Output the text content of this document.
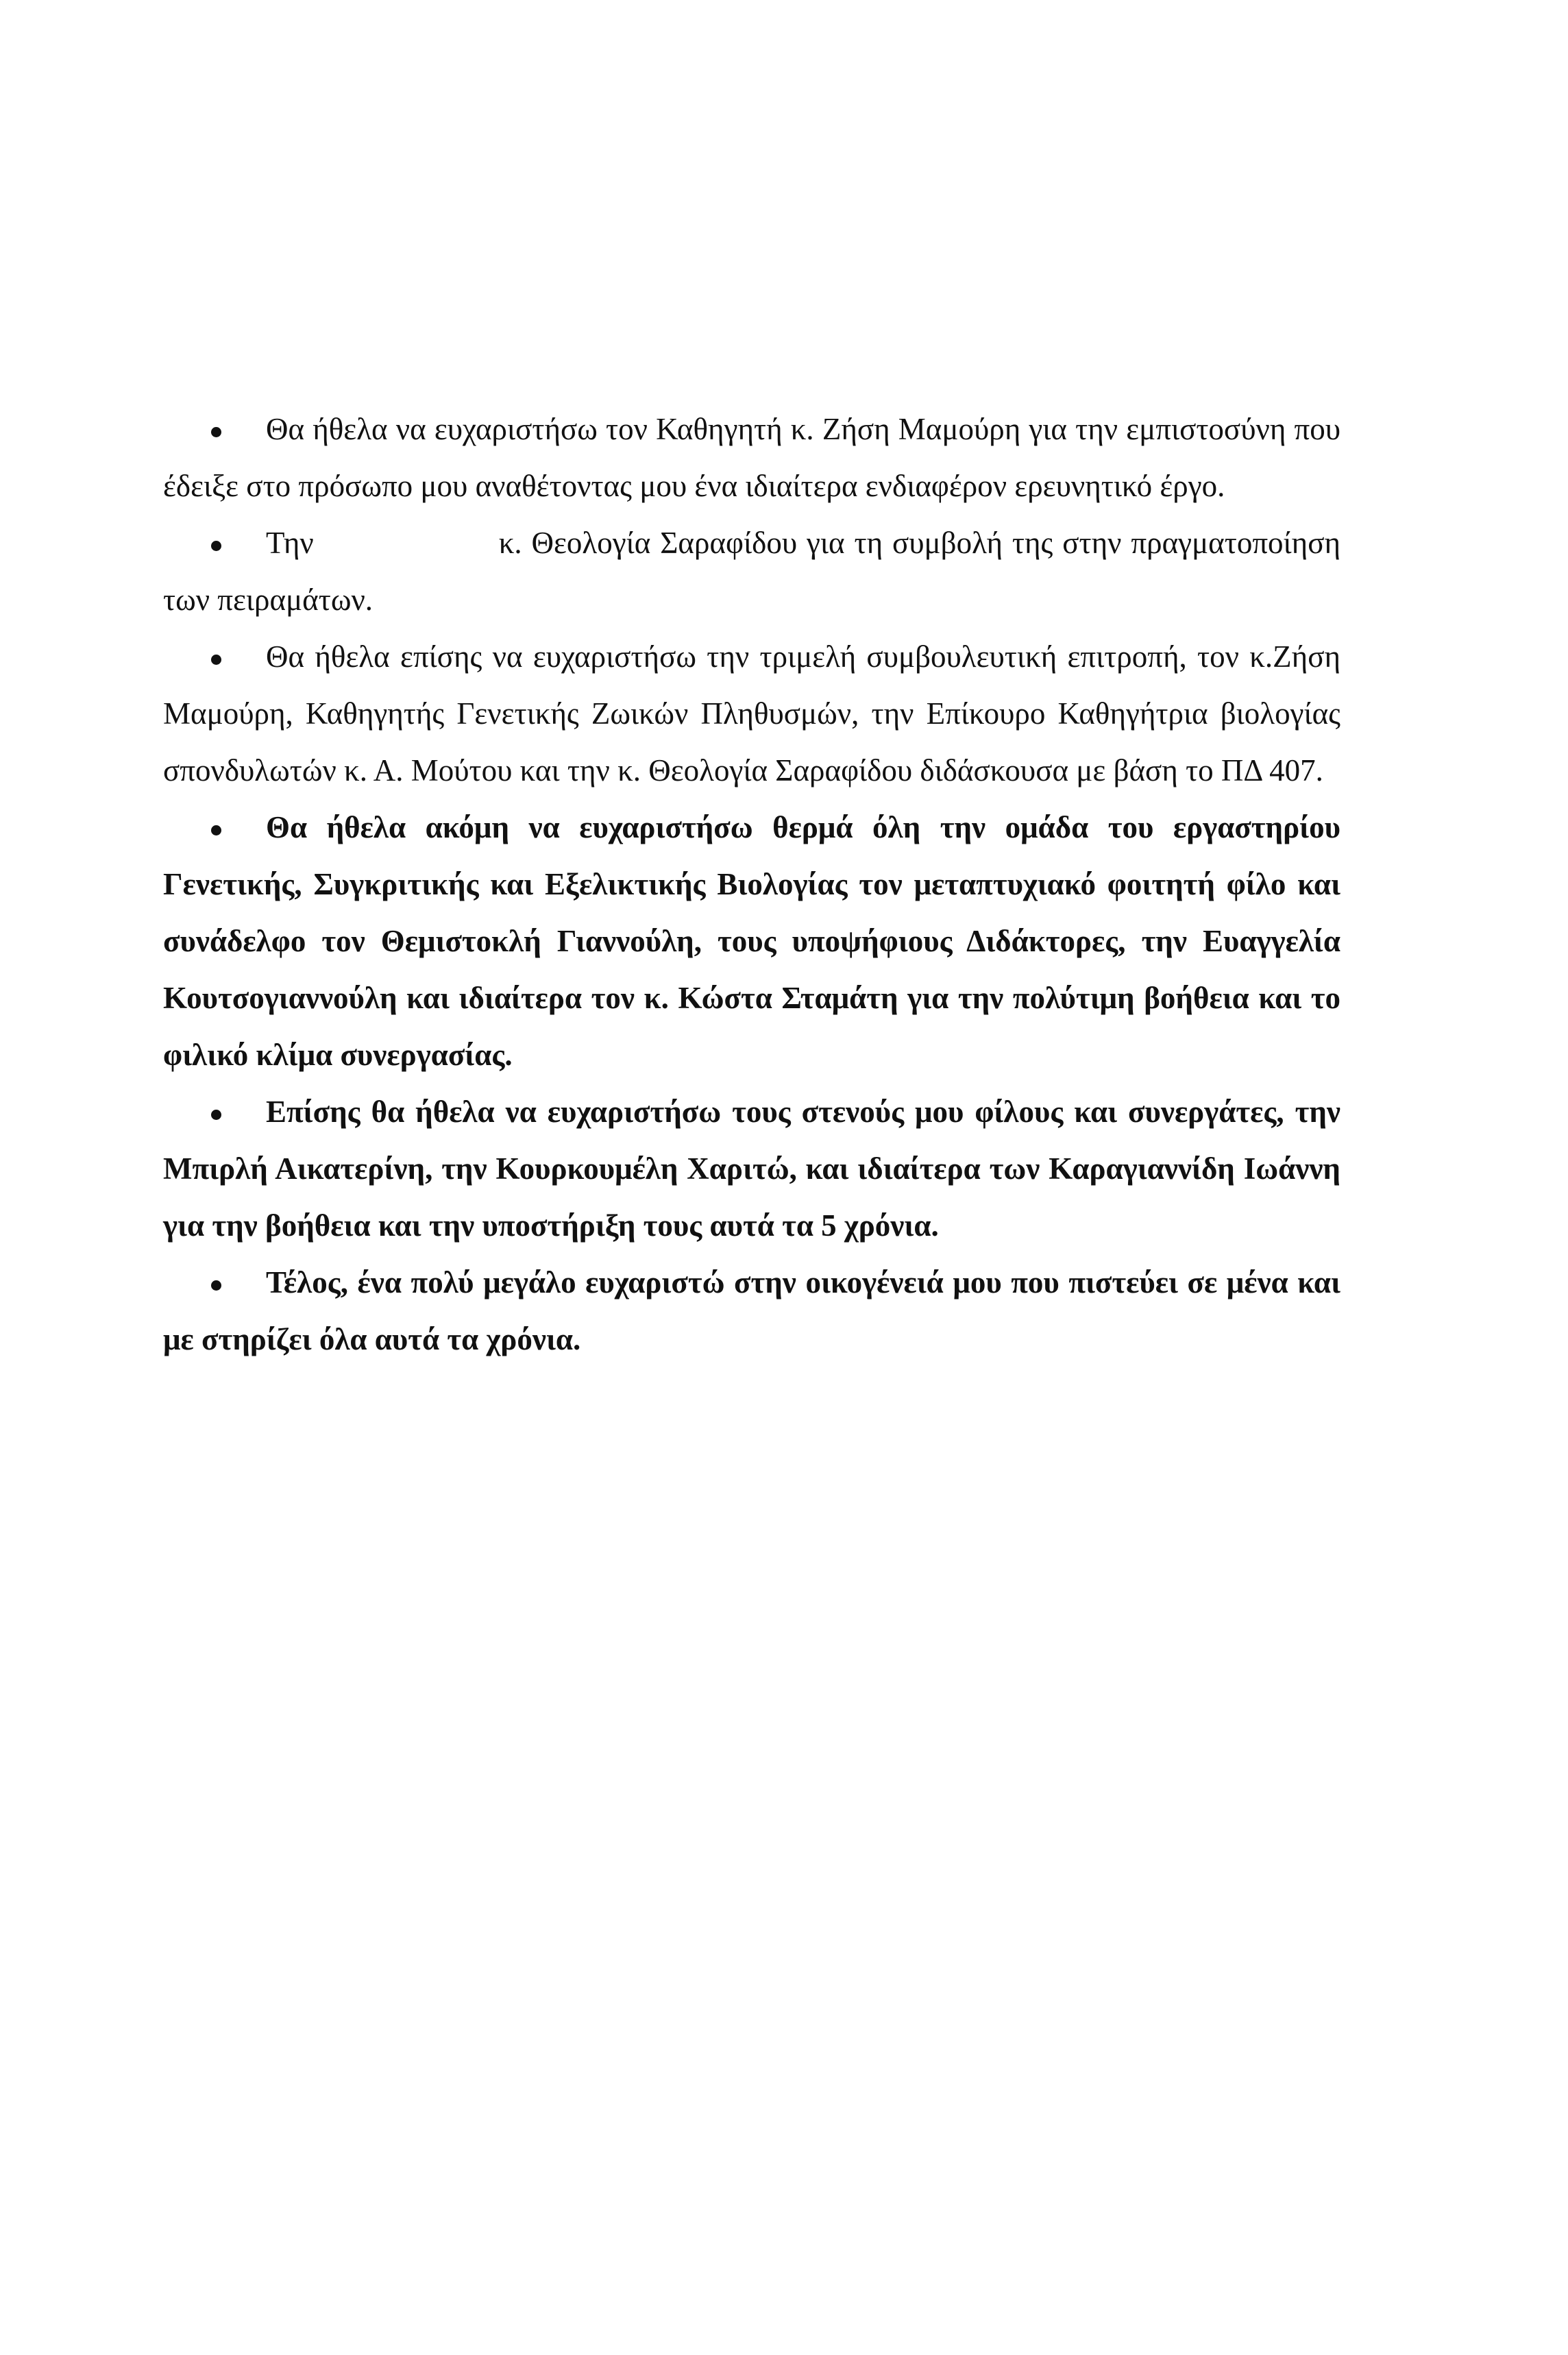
Θα ήθελα να ευχαριστήσω τον Καθηγητή κ. Ζήση Μαμούρη για την εμπιστοσύνη που έδειξε στο πρόσωπο μου αναθέτοντας μου ένα ιδιαίτερα ενδιαφέρον ερευνητικό έργο.

Την	κ. Θεολογία Σαραφίδου για τη συμβολή της στην πραγματοποίηση των πειραμάτων.

Θα ήθελα επίσης να ευχαριστήσω την τριμελή συμβουλευτική επιτροπή, τον κ.Ζήση Μαμούρη, Καθηγητής Γενετικής Ζωικών Πληθυσμών, την Επίκουρο Καθηγήτρια βιολογίας σπονδυλωτών κ. Α. Μούτου και την κ. Θεολογία Σαραφίδου διδάσκουσα με βάση το ΠΔ 407.

Θα ήθελα ακόμη να ευχαριστήσω θερμά όλη την ομάδα του εργαστηρίου Γενετικής, Συγκριτικής και Εξελικτικής Βιολογίας τον μεταπτυχιακό φοιτητή φίλο και συνάδελφο τον Θεμιστοκλή Γιαννούλη, τους υποψήφιους Διδάκτορες, την Ευαγγελία Κουτσογιαννούλη και ιδιαίτερα τον κ. Κώστα Σταμάτη για την πολύτιμη βοήθεια και το φιλικό κλίμα συνεργασίας.

Επίσης θα ήθελα να ευχαριστήσω τους στενούς μου φίλους και συνεργάτες, την Μπιρλή Αικατερίνη, την Κουρκουμέλη Χαριτώ, και ιδιαίτερα των Καραγιαννίδη Ιωάννη για την βοήθεια και την υποστήριξη τους αυτά τα 5 χρόνια.

Τέλος, ένα πολύ μεγάλο ευχαριστώ στην οικογένειά μου που πιστεύει σε μένα και με στηρίζει όλα αυτά τα χρόνια.
